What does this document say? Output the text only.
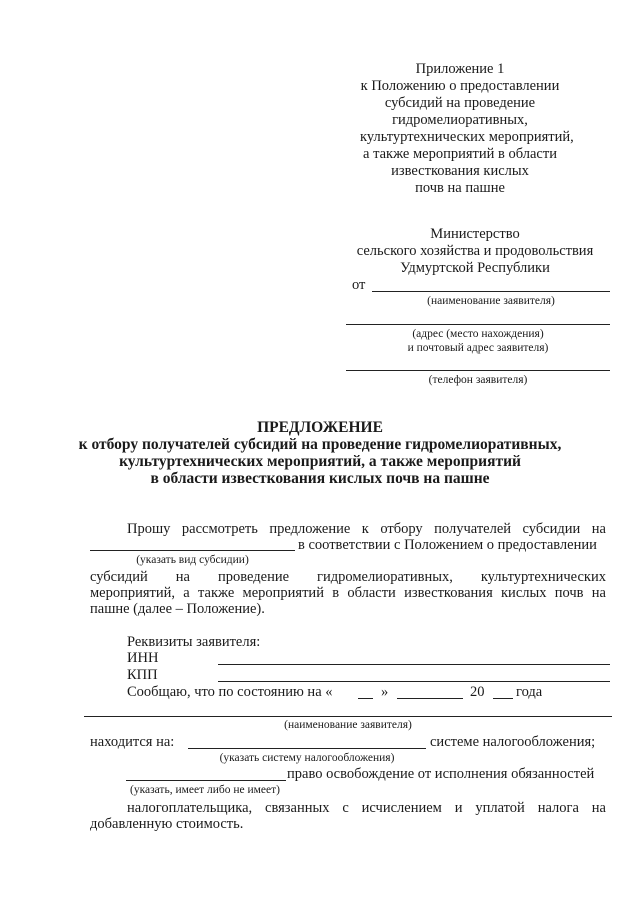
Приложение 1
к Положению о предоставлении
субсидий на проведение
гидромелиоративных,
культуртехнических мероприятий,
а также мероприятий в области
известкования кислых
почв на пашне
Министерство
сельского хозяйства и продовольствия
Удмуртской Республики
от
(наименование заявителя)
(адрес (место нахождения)
и почтовый адрес заявителя)
(телефон заявителя)
ПРЕДЛОЖЕНИЕ
к отбору получателей субсидий на проведение гидромелиоративных,
культуртехнических мероприятий, а также мероприятий
в области известкования кислых почв на пашне
Прошу рассмотреть предложение к отбору получателей субсидии на
в соответствии с Положением о предоставлении
(указать вид субсидии)
субсидий на проведение гидромелиоративных, культуртехнических
мероприятий, а также мероприятий в области известкования кислых почв на
пашне (далее – Положение).
Реквизиты заявителя:
ИНН
КПП
Сообщаю, что по состоянию на «	»	20 года
(наименование заявителя)
находится на:	системе налогообложения;
(указать систему налогообложения)
право освобождение от исполнения обязанностей
(указать, имеет либо не имеет)
налогоплательщика, связанных с исчислением и уплатой налога на
добавленную стоимость.
